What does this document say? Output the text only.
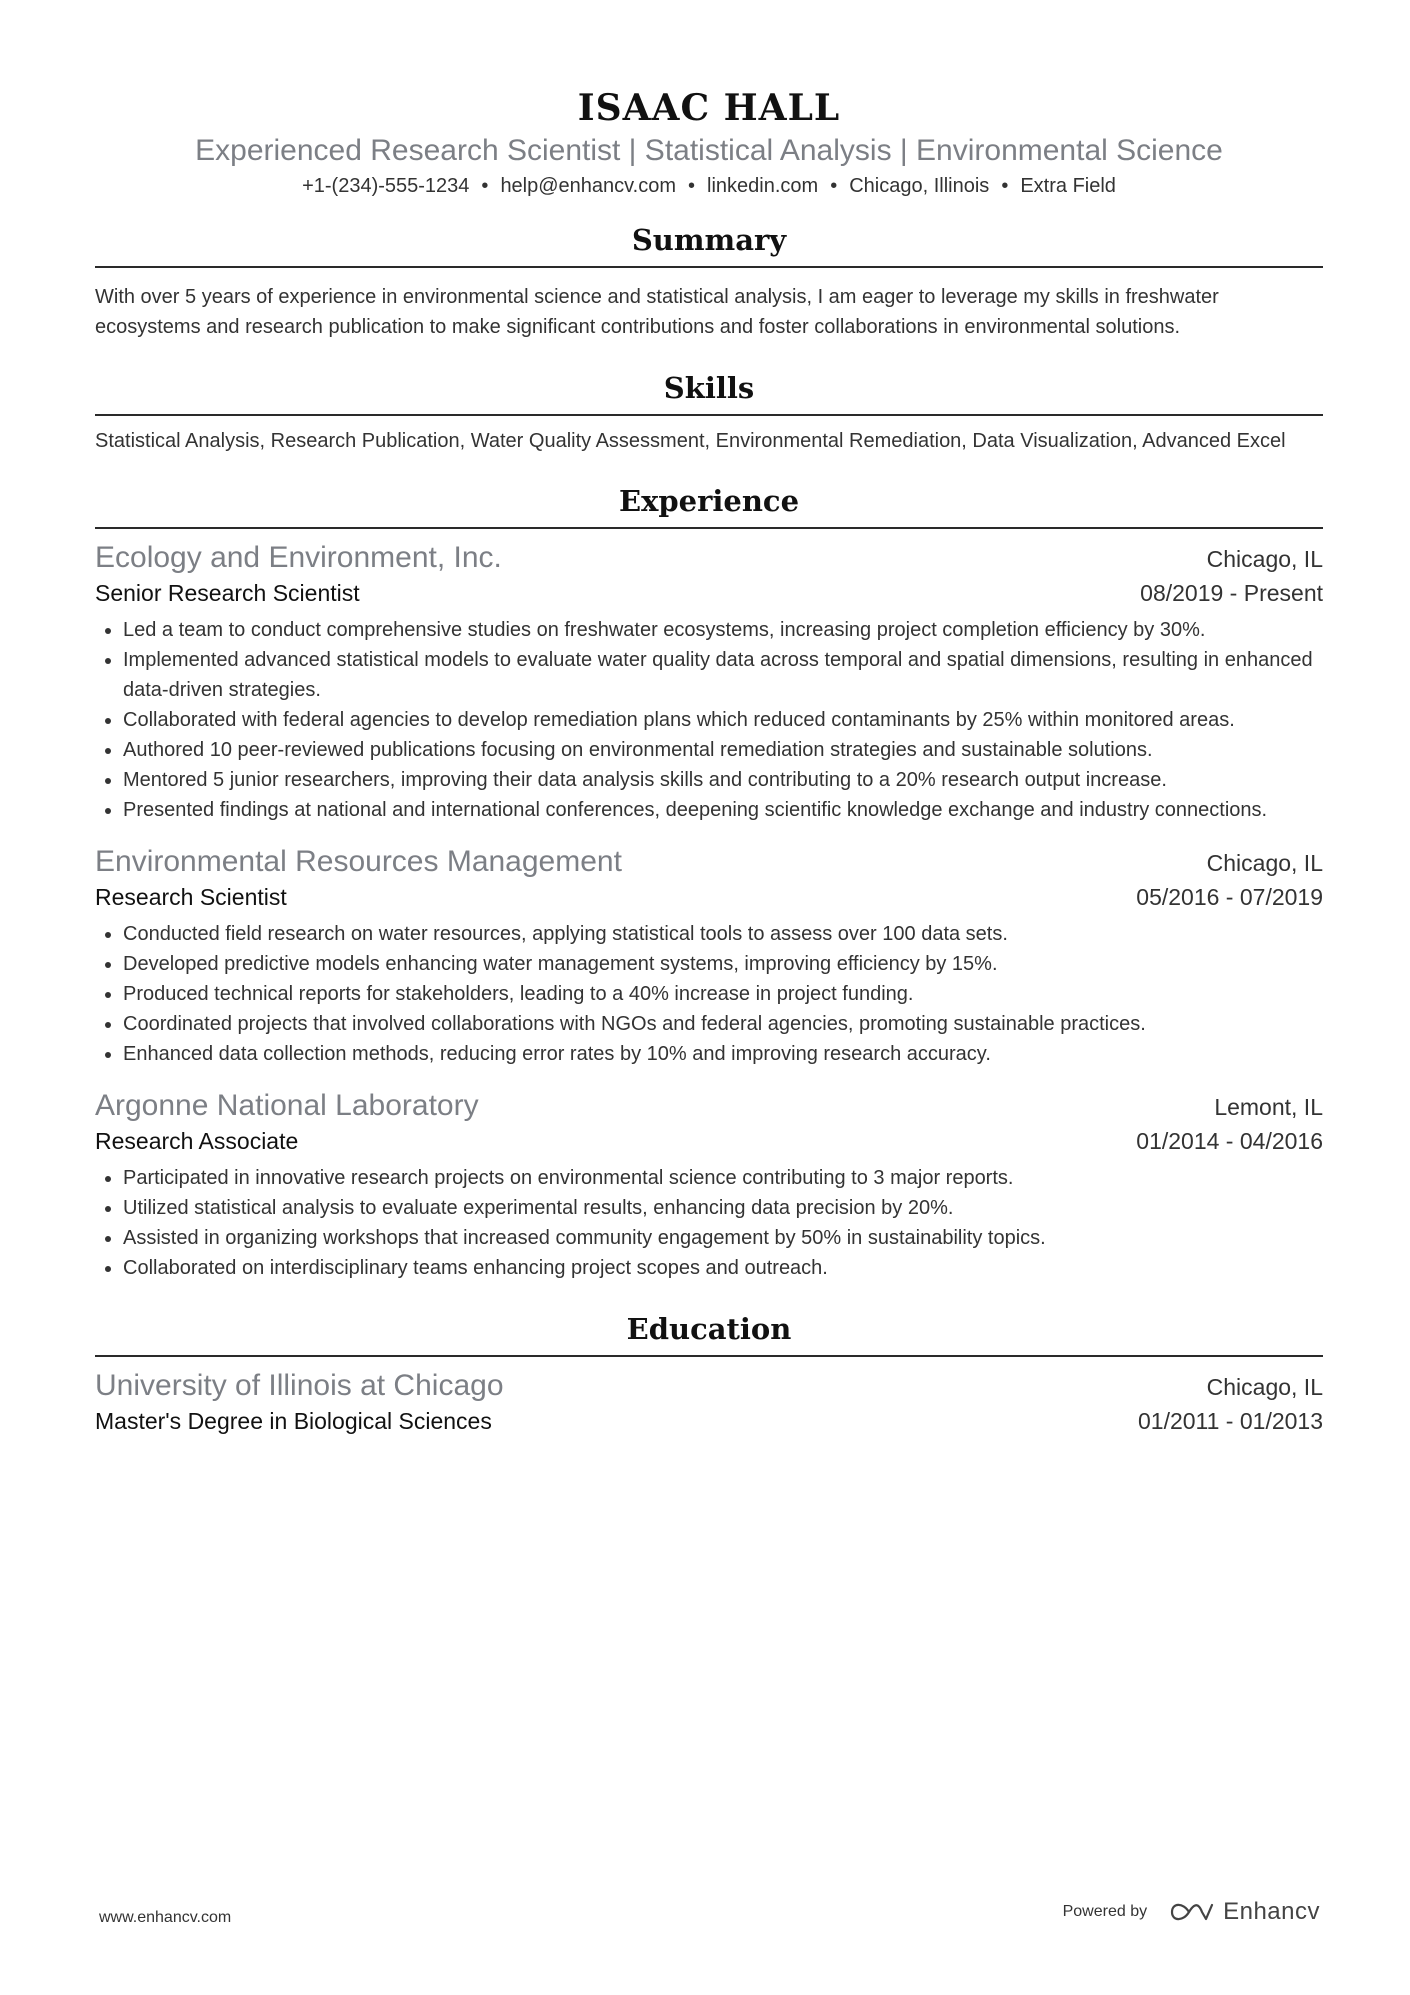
ISAAC HALL
Experienced Research Scientist | Statistical Analysis | Environmental Science
+1-(234)-555-1234 • help@enhancv.com • linkedin.com • Chicago, Illinois • Extra Field
Summary
With over 5 years of experience in environmental science and statistical analysis, I am eager to leverage my skills in freshwater ecosystems and research publication to make significant contributions and foster collaborations in environmental solutions.
Skills
Statistical Analysis, Research Publication, Water Quality Assessment, Environmental Remediation, Data Visualization, Advanced Excel
Experience
Ecology and Environment, Inc.	Chicago, IL
Senior Research Scientist	08/2019 - Present
• Led a team to conduct comprehensive studies on freshwater ecosystems, increasing project completion efficiency by 30%.
• Implemented advanced statistical models to evaluate water quality data across temporal and spatial dimensions, resulting in enhanced data-driven strategies.
• Collaborated with federal agencies to develop remediation plans which reduced contaminants by 25% within monitored areas.
• Authored 10 peer-reviewed publications focusing on environmental remediation strategies and sustainable solutions.
• Mentored 5 junior researchers, improving their data analysis skills and contributing to a 20% research output increase.
• Presented findings at national and international conferences, deepening scientific knowledge exchange and industry connections.
Environmental Resources Management	Chicago, IL
Research Scientist	05/2016 - 07/2019
• Conducted field research on water resources, applying statistical tools to assess over 100 data sets.
• Developed predictive models enhancing water management systems, improving efficiency by 15%.
• Produced technical reports for stakeholders, leading to a 40% increase in project funding.
• Coordinated projects that involved collaborations with NGOs and federal agencies, promoting sustainable practices.
• Enhanced data collection methods, reducing error rates by 10% and improving research accuracy.
Argonne National Laboratory	Lemont, IL
Research Associate	01/2014 - 04/2016
• Participated in innovative research projects on environmental science contributing to 3 major reports.
• Utilized statistical analysis to evaluate experimental results, enhancing data precision by 20%.
• Assisted in organizing workshops that increased community engagement by 50% in sustainability topics.
• Collaborated on interdisciplinary teams enhancing project scopes and outreach.
Education
University of Illinois at Chicago	Chicago, IL
Master's Degree in Biological Sciences	01/2011 - 01/2013
www.enhancv.com	Powered by	Enhancv
